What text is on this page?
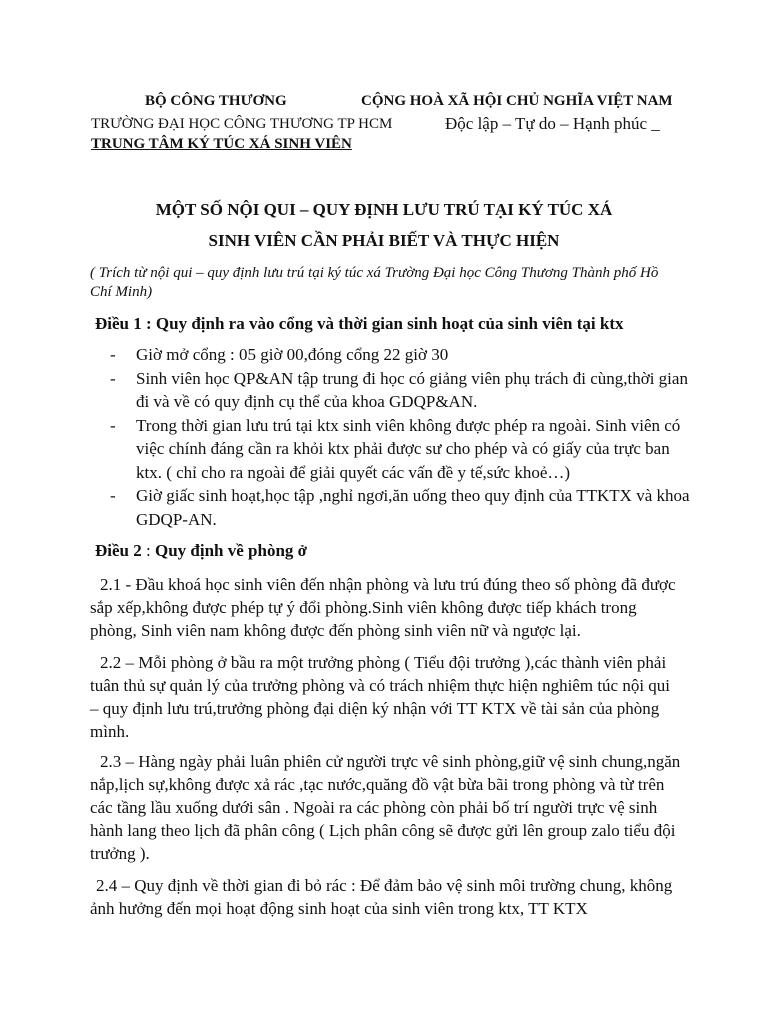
BỘ CÔNG THƯƠNG	CỘNG HOÀ XÃ HỘI CHỦ NGHĨA VIỆT NAM
TRƯỜNG ĐẠI HỌC CÔNG THƯƠNG TP HCM	Độc lập – Tự do – Hạnh phúc _
TRUNG TÂM KÝ TÚC XÁ SINH VIÊN
MỘT SỐ NỘI QUI – QUY ĐỊNH LƯU TRÚ TẠI KÝ TÚC XÁ
SINH VIÊN CẦN PHẢI BIẾT VÀ THỰC HIỆN
( Trích từ nội qui – quy định lưu trú tại ký túc xá Trường Đại học Công Thương Thành phố Hồ Chí Minh)
Điều 1 : Quy định ra vào cổng và thời gian sinh hoạt của sinh viên tại ktx
- Giờ mở cổng : 05 giờ 00,đóng cổng 22 giờ 30
- Sinh viên học QP&AN tập trung đi học có giảng viên phụ trách đi cùng,thời gian đi và về có quy định cụ thể của khoa GDQP&AN.
- Trong thời gian lưu trú tại ktx sinh viên không được phép ra ngoài. Sinh viên có việc chính đáng cần ra khỏi ktx phải được sư cho phép và có giấy của trực ban ktx. ( chỉ cho ra ngoài để giải quyết các vấn đề y tế,sức khoẻ…)
- Giờ giấc sinh hoạt,học tập ,nghỉ ngơi,ăn uống theo quy định của TTKTX và khoa GDQP-AN.
Điều 2 : Quy định về phòng ở

2.1 - Đầu khoá học sinh viên đến nhận phòng và lưu trú đúng theo số phòng đã được sắp xếp,không được phép tự ý đổi phòng.Sinh viên không được tiếp khách trong phòng, Sinh viên nam không được đến phòng sinh viên nữ và ngược lại.

2.2 – Mỗi phòng ở bầu ra một trưởng phòng ( Tiểu đội trưởng ),các thành viên phải tuân thủ sự quản lý của trưởng phòng và có trách nhiệm thực hiện nghiêm túc nội qui – quy định lưu trú,trưởng phòng đại diện ký nhận với TT KTX về tài sản của phòng mình.

2.3 – Hàng ngày phải luân phiên cử người trực vê sinh phòng,giữ vệ sinh chung,ngăn nắp,lịch sự,không được xả rác ,tạc nước,quăng đồ vật bừa bãi trong phòng và từ trên các tầng lầu xuống dưới sân . Ngoài ra các phòng còn phải bố trí người trực vệ sinh hành lang theo lịch đã phân công ( Lịch phân công sẽ được gửi lên group zalo tiểu đội trưởng ).

2.4 – Quy định về thời gian đi bỏ rác : Để đảm bảo vệ sinh môi trường chung, không ảnh hưởng đến mọi hoạt động sinh hoạt của sinh viên trong ktx, TT KTX
